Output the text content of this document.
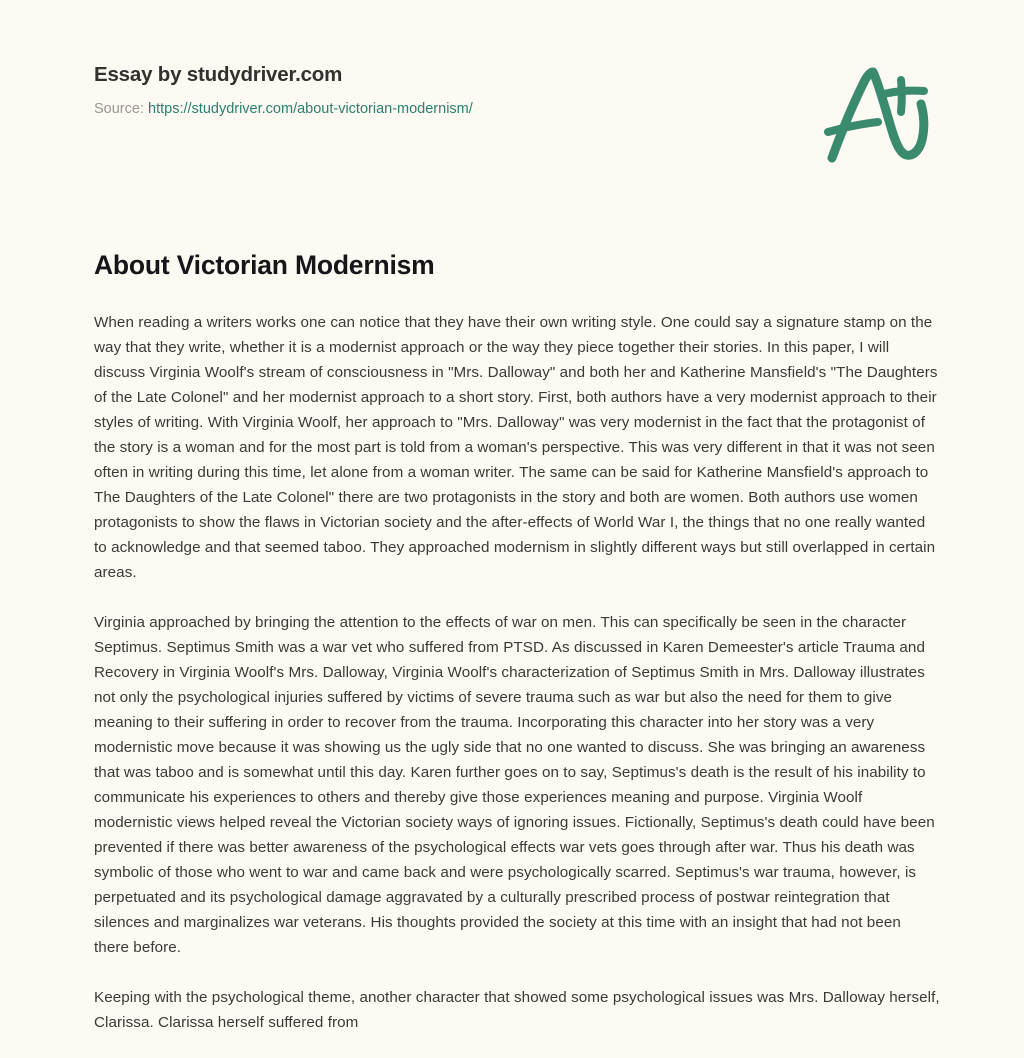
Essay by studydriver.com
Source: https://studydriver.com/about-victorian-modernism/
About Victorian Modernism

When reading a writers works one can notice that they have their own writing style. One could say a signature stamp on the way that they write, whether it is a modernist approach or the way they piece together their stories. In this paper, I will discuss Virginia Woolf's stream of consciousness in "Mrs. Dalloway" and both her and Katherine Mansfield's "The Daughters of the Late Colonel" and her modernist approach to a short story. First, both authors have a very modernist approach to their styles of writing. With Virginia Woolf, her approach to "Mrs. Dalloway" was very modernist in the fact that the protagonist of the story is a woman and for the most part is told from a woman's perspective. This was very different in that it was not seen often in writing during this time, let alone from a woman writer. The same can be said for Katherine Mansfield's approach to The Daughters of the Late Colonel" there are two protagonists in the story and both are women. Both authors use women protagonists to show the flaws in Victorian society and the after-effects of World War I, the things that no one really wanted to acknowledge and that seemed taboo. They approached modernism in slightly different ways but still overlapped in certain areas.

Virginia approached by bringing the attention to the effects of war on men. This can specifically be seen in the character Septimus. Septimus Smith was a war vet who suffered from PTSD. As discussed in Karen Demeester's article Trauma and Recovery in Virginia Woolf's Mrs. Dalloway, Virginia Woolf's characterization of Septimus Smith in Mrs. Dalloway illustrates not only the psychological injuries suffered by victims of severe trauma such as war but also the need for them to give meaning to their suffering in order to recover from the trauma. Incorporating this character into her story was a very modernistic move because it was showing us the ugly side that no one wanted to discuss. She was bringing an awareness that was taboo and is somewhat until this day. Karen further goes on to say, Septimus's death is the result of his inability to communicate his experiences to others and thereby give those experiences meaning and purpose. Virginia Woolf modernistic views helped reveal the Victorian society ways of ignoring issues. Fictionally, Septimus's death could have been prevented if there was better awareness of the psychological effects war vets goes through after war. Thus his death was symbolic of those who went to war and came back and were psychologically scarred. Septimus's war trauma, however, is perpetuated and its psychological damage aggravated by a culturally prescribed process of postwar reintegration that silences and marginalizes war veterans. His thoughts provided the society at this time with an insight that had not been there before.

Keeping with the psychological theme, another character that showed some psychological issues was Mrs. Dalloway herself, Clarissa. Clarissa herself suffered from
